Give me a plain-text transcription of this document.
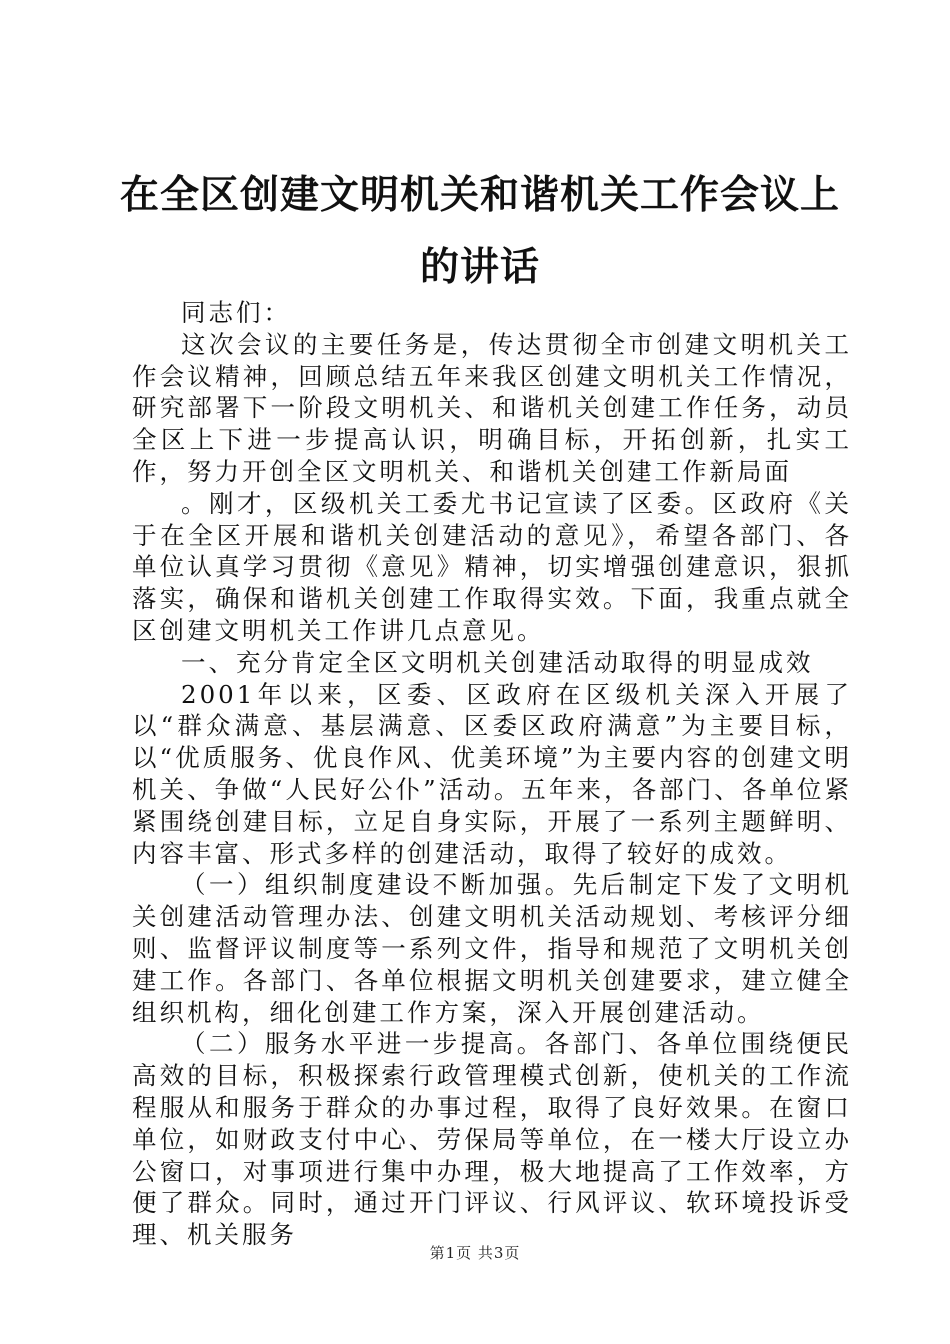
在全区创建文明机关和谐机关工作会议上的讲话

同志们：

这次会议的主要任务是，传达贯彻全市创建文明机关工作会议精神，回顾总结五年来我区创建文明机关工作情况，研究部署下一阶段文明机关、和谐机关创建工作任务，动员全区上下进一步提高认识，明确目标，开拓创新，扎实工作，努力开创全区文明机关、和谐机关创建工作新局面

。刚才，区级机关工委尤书记宣读了区委。区政府《关于在全区开展和谐机关创建活动的意见》，希望各部门、各单位认真学习贯彻《意见》精神，切实增强创建意识，狠抓落实，确保和谐机关创建工作取得实效。下面，我重点就全区创建文明机关工作讲几点意见。

一、充分肯定全区文明机关创建活动取得的明显成效

2001年以来，区委、区政府在区级机关深入开展了以“群众满意、基层满意、区委区政府满意”为主要目标，以“优质服务、优良作风、优美环境”为主要内容的创建文明机关、争做“人民好公仆”活动。五年来，各部门、各单位紧紧围绕创建目标，立足自身实际，开展了一系列主题鲜明、内容丰富、形式多样的创建活动，取得了较好的成效。

（一）组织制度建设不断加强。先后制定下发了文明机关创建活动管理办法、创建文明机关活动规划、考核评分细则、监督评议制度等一系列文件，指导和规范了文明机关创建工作。各部门、各单位根据文明机关创建要求，建立健全组织机构，细化创建工作方案，深入开展创建活动。

（二）服务水平进一步提高。各部门、各单位围绕便民高效的目标，积极探索行政管理模式创新，使机关的工作流程服从和服务于群众的办事过程，取得了良好效果。在窗口单位，如财政支付中心、劳保局等单位，在一楼大厅设立办公窗口，对事项进行集中办理，极大地提高了工作效率，方便了群众。同时，通过开门评议、行风评议、软环境投诉受理、机关服务

第1页 共3页
